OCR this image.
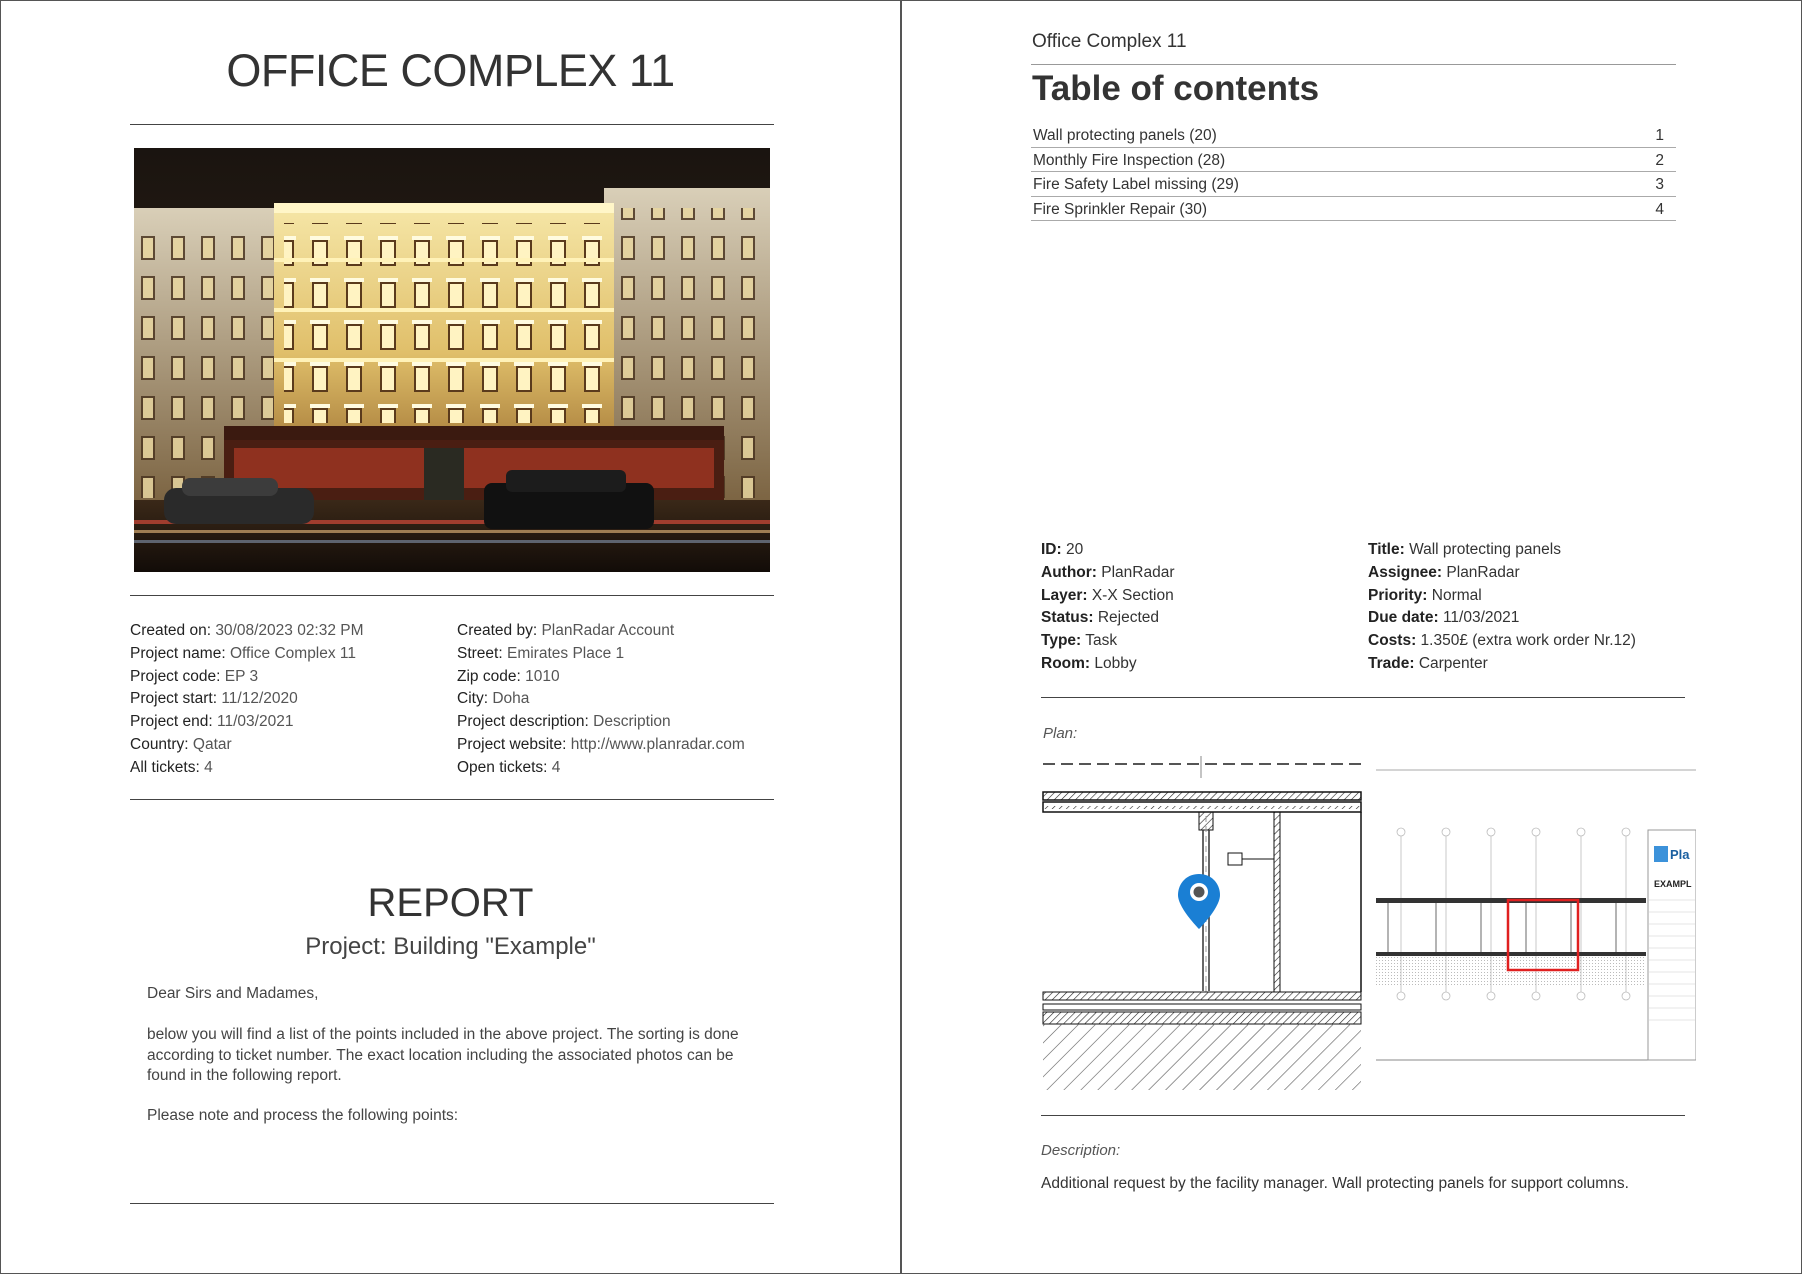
OFFICE COMPLEX 11
Created on: 30/08/2023 02:32 PM
Project name: Office Complex 11
Project code: EP 3
Project start: 11/12/2020
Project end: 11/03/2021
Country: Qatar
All tickets: 4
Created by: PlanRadar Account
Street: Emirates Place 1
Zip code: 1010
City: Doha
Project description: Description
Project website: http://www.planradar.com
Open tickets: 4
REPORT
Project: Building "Example"
Dear Sirs and Madames,
below you will find a list of the points included in the above project. The sorting is done
according to ticket number. The exact location including the associated photos can be
found in the following report.
Please note and process the following points:
Office Complex 11
Table of contents
Wall protecting panels (20)	1
Monthly Fire Inspection (28)	2
Fire Safety Label missing (29)	3
Fire Sprinkler Repair (30)	4
ID: 20
Author: PlanRadar
Layer: X-X Section
Status: Rejected
Type: Task
Room: Lobby
Title: Wall protecting panels
Assignee: PlanRadar
Priority: Normal
Due date: 11/03/2021
Costs: 1.350£ (extra work order Nr.12)
Trade: Carpenter
Plan:
Pla
EXAMPL
Description:
Additional request by the facility manager. Wall protecting panels for support columns.
